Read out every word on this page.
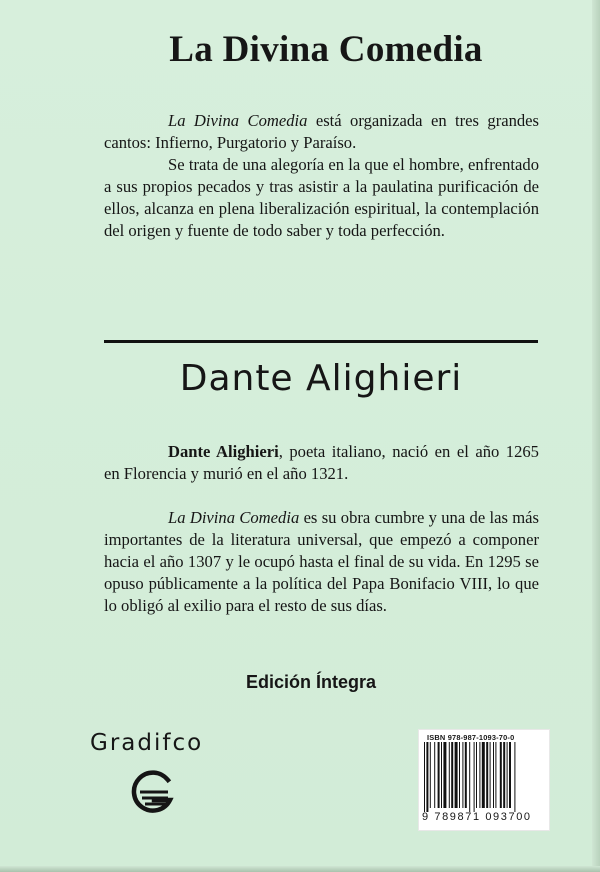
La Divina Comedia

La Divina Comedia está organizada en tres grandes cantos: Infierno, Purgatorio y Paraíso.

Se trata de una alegoría en la que el hombre, enfrentado a sus propios pecados y tras asistir a la paulatina purificación de ellos, alcanza en plena liberalización espiritual, la contemplación del origen y fuente de todo saber y toda perfección.

Dante Alighieri

Dante Alighieri, poeta italiano, nació en el año 1265 en Florencia y murió en el año 1321.

La Divina Comedia es su obra cumbre y una de las más importantes de la literatura universal, que empezó a componer hacia el año 1307 y le ocupó hasta el final de su vida. En 1295 se opuso públicamente a la política del Papa Bonifacio VIII, lo que lo obligó al exilio para el resto de sus días.

Edición Íntegra
Gradifco	ISBN 978-987-1093-70-0
9 789871 093700
